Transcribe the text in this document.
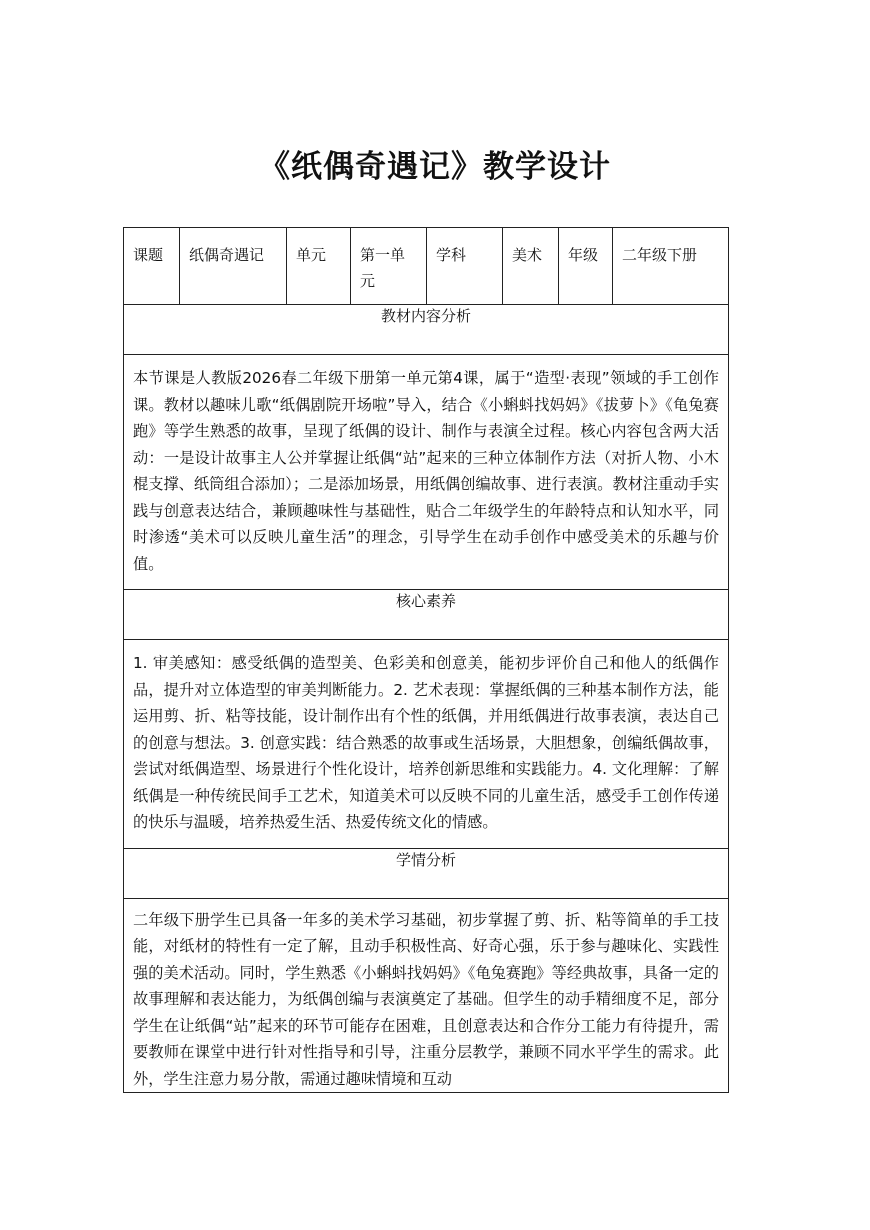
《纸偶奇遇记》教学设计
课题	纸偶奇遇记	单元	第一单元	学科	美术	年级	二年级下册
教材内容分析
本节课是人教版2026春二年级下册第一单元第4课，属于“造型·表现”领域的手工创作课。教材以趣味儿歌“纸偶剧院开场啦”导入，结合《小蝌蚪找妈妈》《拔萝卜》《龟兔赛跑》等学生熟悉的故事，呈现了纸偶的设计、制作与表演全过程。核心内容包含两大活动：一是设计故事主人公并掌握让纸偶“站”起来的三种立体制作方法（对折人物、小木棍支撑、纸筒组合添加）；二是添加场景，用纸偶创编故事、进行表演。教材注重动手实践与创意表达结合，兼顾趣味性与基础性，贴合二年级学生的年龄特点和认知水平，同时渗透“美术可以反映儿童生活”的理念，引导学生在动手创作中感受美术的乐趣与价值。
核心素养
1. 审美感知：感受纸偶的造型美、色彩美和创意美，能初步评价自己和他人的纸偶作品，提升对立体造型的审美判断能力。2. 艺术表现：掌握纸偶的三种基本制作方法，能运用剪、折、粘等技能，设计制作出有个性的纸偶，并用纸偶进行故事表演，表达自己的创意与想法。3. 创意实践：结合熟悉的故事或生活场景，大胆想象，创编纸偶故事，尝试对纸偶造型、场景进行个性化设计，培养创新思维和实践能力。4. 文化理解：了解纸偶是一种传统民间手工艺术，知道美术可以反映不同的儿童生活，感受手工创作传递的快乐与温暖，培养热爱生活、热爱传统文化的情感。
学情分析
二年级下册学生已具备一年多的美术学习基础，初步掌握了剪、折、粘等简单的手工技能，对纸材的特性有一定了解，且动手积极性高、好奇心强，乐于参与趣味化、实践性强的美术活动。同时，学生熟悉《小蝌蚪找妈妈》《龟兔赛跑》等经典故事，具备一定的故事理解和表达能力，为纸偶创编与表演奠定了基础。但学生的动手精细度不足，部分学生在让纸偶“站”起来的环节可能存在困难，且创意表达和合作分工能力有待提升，需要教师在课堂中进行针对性指导和引导，注重分层教学，兼顾不同水平学生的需求。此外，学生注意力易分散，需通过趣味情境和互动
